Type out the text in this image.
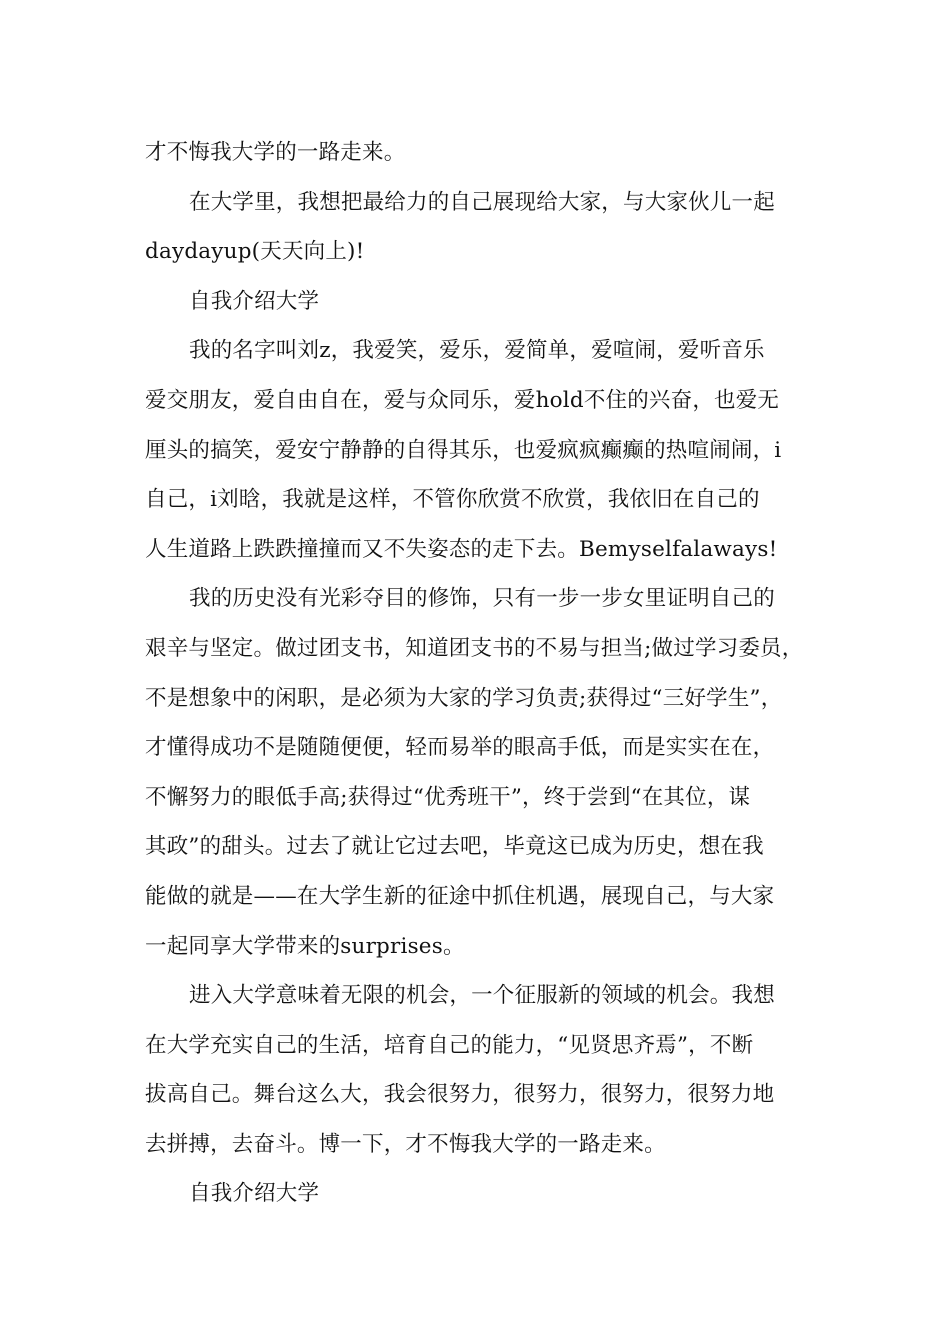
才不悔我大学的一路走来。
在大学里，我想把最给力的自己展现给大家，与大家伙儿一起
daydayup(天天向上)!
自我介绍大学
我的名字叫刘z，我爱笑，爱乐，爱简单，爱喧闹，爱听音乐
爱交朋友，爱自由自在，爱与众同乐，爱hold不住的兴奋，也爱无
厘头的搞笑，爱安宁静静的自得其乐，也爱疯疯癫癫的热喧闹闹，i
自己，i刘晗，我就是这样，不管你欣赏不欣赏，我依旧在自己的
人生道路上跌跌撞撞而又不失姿态的走下去。Bemyselfalaways!
我的历史没有光彩夺目的修饰，只有一步一步女里证明自己的
艰辛与坚定。做过团支书，知道团支书的不易与担当;做过学习委员，
不是想象中的闲职，是必须为大家的学习负责;获得过“三好学生”，
才懂得成功不是随随便便，轻而易举的眼高手低，而是实实在在，
不懈努力的眼低手高;获得过“优秀班干”，终于尝到“在其位，谋
其政”的甜头。过去了就让它过去吧，毕竟这已成为历史，想在我
能做的就是——在大学生新的征途中抓住机遇，展现自己，与大家
一起同享大学带来的surprises。
进入大学意味着无限的机会，一个征服新的领域的机会。我想
在大学充实自己的生活，培育自己的能力，“见贤思齐焉”，不断
拔高自己。舞台这么大，我会很努力，很努力，很努力，很努力地
去拼搏，去奋斗。博一下，才不悔我大学的一路走来。
自我介绍大学
